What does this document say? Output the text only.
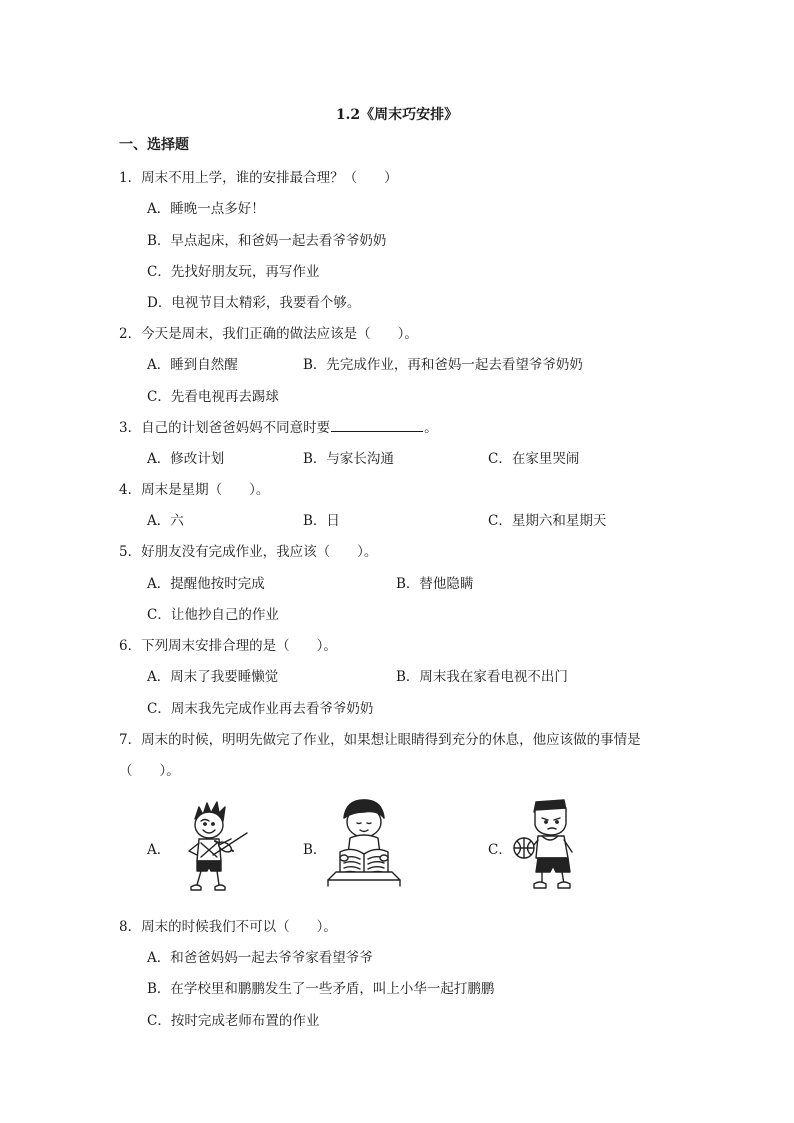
1.2《周末巧安排》
一、选择题
1．周末不用上学，谁的安排最合理？（　　）
A．睡晚一点多好！
B．早点起床，和爸妈一起去看爷爷奶奶
C．先找好朋友玩，再写作业
D．电视节目太精彩，我要看个够。
2．今天是周末，我们正确的做法应该是（　　）。
A．睡到自然醒	B．先完成作业，再和爸妈一起去看望爷爷奶奶
C．先看电视再去踢球
3．自己的计划爸爸妈妈不同意时要	。
A．修改计划	B．与家长沟通	C．在家里哭闹
4．周末是星期（　　）。
A．六	B．日	C．星期六和星期天
5．好朋友没有完成作业，我应该（　　）。
A．提醒他按时完成	B．替他隐瞒
C．让他抄自己的作业
6．下列周末安排合理的是（　　）。
A．周末了我要睡懒觉	B．周末我在家看电视不出门
C．周末我先完成作业再去看爷爷奶奶
7．周末的时候，明明先做完了作业，如果想让眼睛得到充分的休息，他应该做的事情是
（　　）。
A．	B．	C．
8．周末的时候我们不可以（　　）。
A．和爸爸妈妈一起去爷爷家看望爷爷
B．在学校里和鹏鹏发生了一些矛盾，叫上小华一起打鹏鹏
C．按时完成老师布置的作业
